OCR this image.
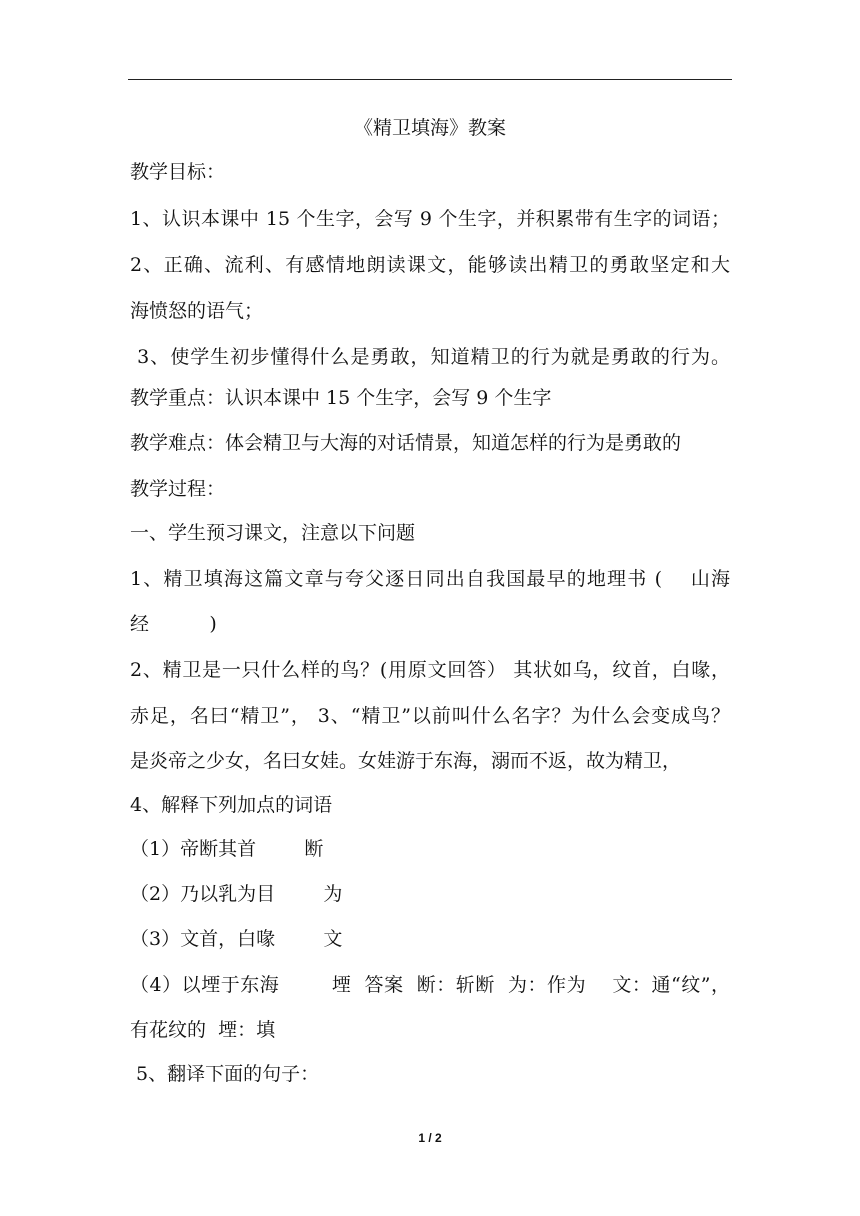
《精卫填海》教案
教学目标：
1、认识本课中 15 个生字，会写 9 个生字，并积累带有生字的词语；
2、正确、流利、有感情地朗读课文，能够读出精卫的勇敢坚定和大
海愤怒的语气；
3、使学生初步懂得什么是勇敢，知道精卫的行为就是勇敢的行为。
教学重点：认识本课中 15 个生字，会写 9 个生字
教学难点：体会精卫与大海的对话情景，知道怎样的行为是勇敢的
教学过程：
一、学生预习课文，注意以下问题
1、精卫填海这篇文章与夸父逐日同出自我国最早的地理书 (    山海
经          )
2、精卫是一只什么样的鸟？(用原文回答） 其状如乌，纹首，白喙，
赤足，名曰“精卫”， 3、“精卫”以前叫什么名字？为什么会变成鸟？
是炎帝之少女，名曰女娃。女娃游于东海，溺而不返，故为精卫，
4、解释下列加点的词语
（1）帝断其首        断
（2）乃以乳为目        为
（3）文首，白喙        文
（4）以堙于东海        堙  答案  断：斩断  为：作为    文：通“纹”，
有花纹的  堙：填
5、翻译下面的句子：
1 / 2
